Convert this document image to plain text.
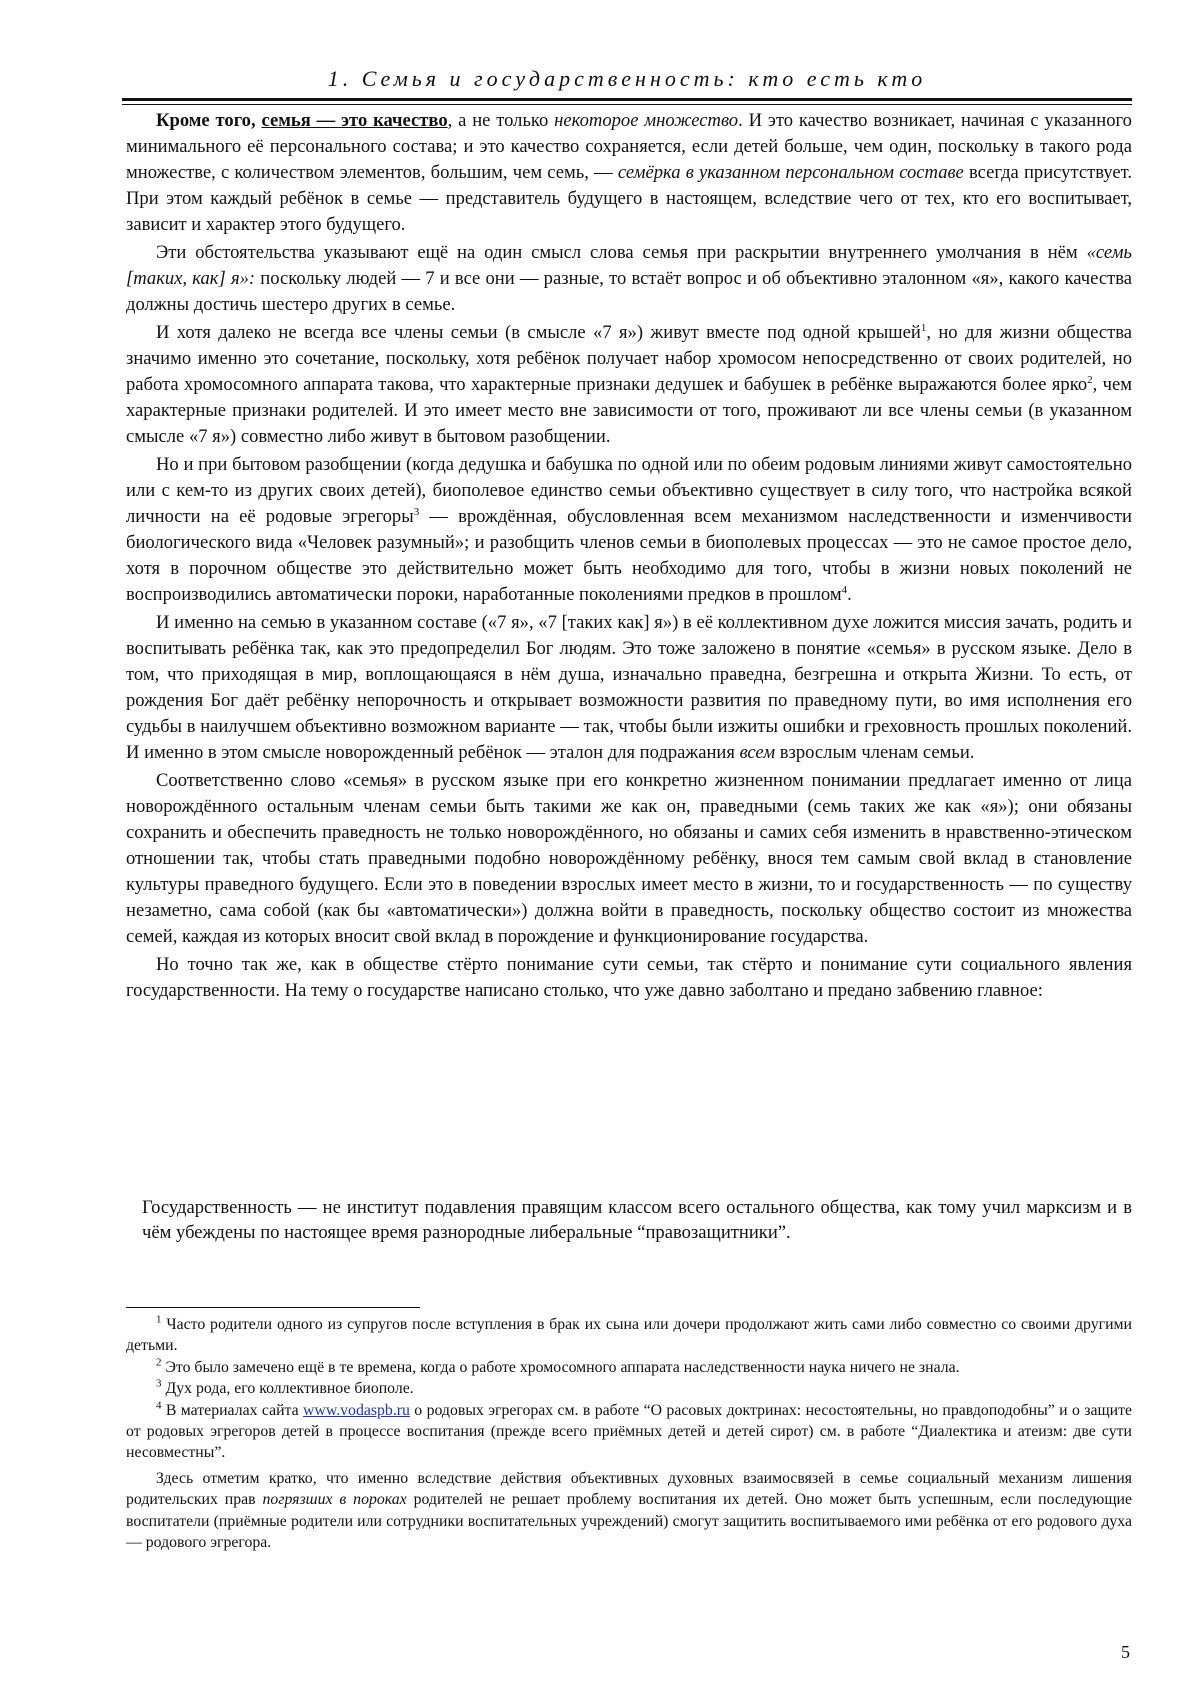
1. Семья и государственность: кто есть кто

Кроме того, семья — это качество, а не только некоторое множество. И это качество возникает, начиная с указанного минимального её персонального состава; и это качество сохраняется, если детей больше, чем один, поскольку в такого рода множестве, с количеством элементов, большим, чем семь, — семёрка в указанном персональном составе всегда присутствует. При этом каждый ребёнок в семье — представитель будущего в настоящем, вследствие чего от тех, кто его воспитывает, зависит и характер этого будущего.

Эти обстоятельства указывают ещё на один смысл слова семья при раскрытии внутреннего умолчания в нём «семь [таких, как] я»: поскольку людей — 7 и все они — разные, то встаёт вопрос и об объективно эталонном «я», какого качества должны достичь шестеро других в семье.

И хотя далеко не всегда все члены семьи (в смысле «7 я») живут вместе под одной крышей$^1$, но для жизни общества значимо именно это сочетание, поскольку, хотя ребёнок получает набор хромосом непосредственно от своих родителей, но работа хромосомного аппарата такова, что характерные признаки дедушек и бабушек в ребёнке выражаются более ярко$^2$, чем характерные признаки родителей. И это имеет место вне зависимости от того, проживают ли все члены семьи (в указанном смысле «7 я») совместно либо живут в бытовом разобщении.

Но и при бытовом разобщении (когда дедушка и бабушка по одной или по обеим родовым линиями живут самостоятельно или с кем-то из других своих детей), биополевое единство семьи объективно существует в силу того, что настройка всякой личности на её родовые эгрегоры$^3$ — врождённая, обусловленная всем механизмом наследственности и изменчивости биологического вида «Человек разумный»; и разобщить членов семьи в биополевых процессах — это не самое простое дело, хотя в порочном обществе это действительно может быть необходимо для того, чтобы в жизни новых поколений не воспроизводились автоматически пороки, наработанные поколениями предков в прошлом$^4$.

И именно на семью в указанном составе («7 я», «7 [таких как] я») в её коллективном духе ложится миссия зачать, родить и воспитывать ребёнка так, как это предопределил Бог людям. Это тоже заложено в понятие «семья» в русском языке. Дело в том, что приходящая в мир, воплощающаяся в нём душа, изначально праведна, безгрешна и открыта Жизни. То есть, от рождения Бог даёт ребёнку непорочность и открывает возможности развития по праведному пути, во имя исполнения его судьбы в наилучшем объективно возможном варианте — так, чтобы были изжиты ошибки и греховность прошлых поколений. И именно в этом смысле новорожденный ребёнок — эталон для подражания всем взрослым членам семьи.

Соответственно слово «семья» в русском языке при его конкретно жизненном понимании предлагает именно от лица новорождённого остальным членам семьи быть такими же как он, праведными (семь таких же как «я»); они обязаны сохранить и обеспечить праведность не только новорождённого, но обязаны и самих себя изменить в нравственно-этическом отношении так, чтобы стать праведными подобно новорождённому ребёнку, внося тем самым свой вклад в становление культуры праведного будущего. Если это в поведении взрослых имеет место в жизни, то и государственность — по существу незаметно, сама собой (как бы «автоматически») должна войти в праведность, поскольку общество состоит из множества семей, каждая из которых вносит свой вклад в порождение и функционирование государства.

Но точно так же, как в обществе стёрто понимание сути семьи, так стёрто и понимание сути социального явления государственности. На тему о государстве написано столько, что уже давно заболтано и предано забвению главное:

Государственность — не институт подавления правящим классом всего остального общества, как тому учил марксизм и в чём убеждены по настоящее время разнородные либеральные “правозащитники”.

$^1$ Часто родители одного из супругов после вступления в брак их сына или дочери продолжают жить сами либо совместно со своими другими детьми.

$^2$ Это было замечено ещё в те времена, когда о работе хромосомного аппарата наследственности наука ничего не знала.

$^3$ Дух рода, его коллективное биополе.

$^4$ В материалах сайта www.vodaspb.ru о родовых эгрегорах см. в работе “О расовых доктринах: несостоятельны, но правдоподобны” и о защите от родовых эгрегоров детей в процессе воспитания (прежде всего приёмных детей и детей сирот) см. в работе “Диалектика и атеизм: две сути несовместны”.

Здесь отметим кратко, что именно вследствие действия объективных духовных взаимосвязей в семье социальный механизм лишения родительских прав погрязших в пороках родителей не решает проблему воспитания их детей. Оно может быть успешным, если последующие воспитатели (приёмные родители или сотрудники воспитательных учреждений) смогут защитить воспитываемого ими ребёнка от его родового духа — родового эгрегора.

5
